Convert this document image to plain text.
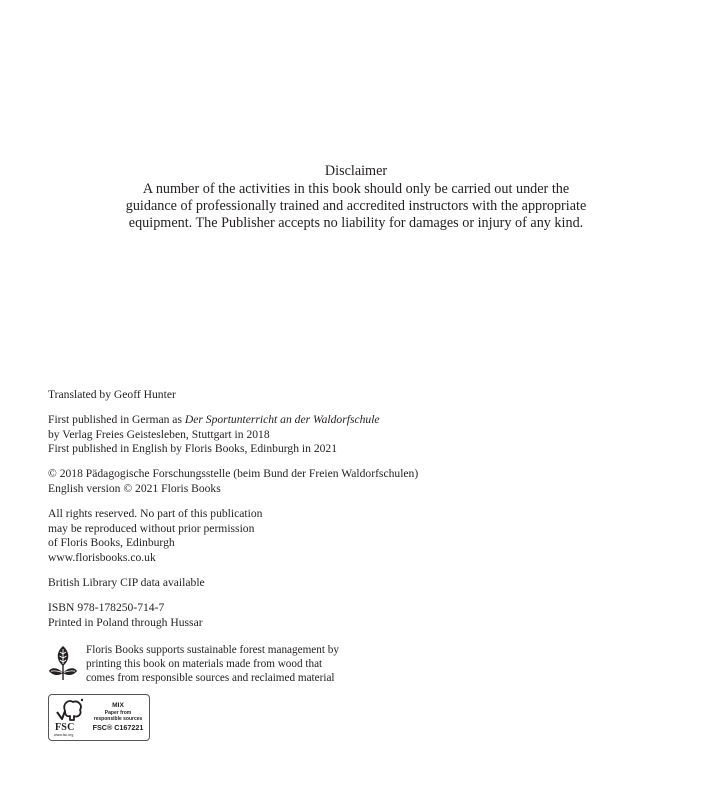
Disclaimer
A number of the activities in this book should only be carried out under the
guidance of professionally trained and accredited instructors with the appropriate
equipment. The Publisher accepts no liability for damages or injury of any kind.
Translated by Geoff Hunter
First published in German as Der Sportunterricht an der Waldorfschule
by Verlag Freies Geistesleben, Stuttgart in 2018
First published in English by Floris Books, Edinburgh in 2021
© 2018 Pädagogische Forschungsstelle (beim Bund der Freien Waldorfschulen)
English version © 2021 Floris Books
All rights reserved. No part of this publication
may be reproduced without prior permission
of Floris Books, Edinburgh
www.florisbooks.co.uk
British Library CIP data available
ISBN 978-178250-714-7
Printed in Poland through Hussar
Floris Books supports sustainable forest management by
printing this book on materials made from wood that
comes from responsible sources and reclaimed material
FSC
www.fsc.org
MIX
Paper from
responsible sources
FSC® C167221
